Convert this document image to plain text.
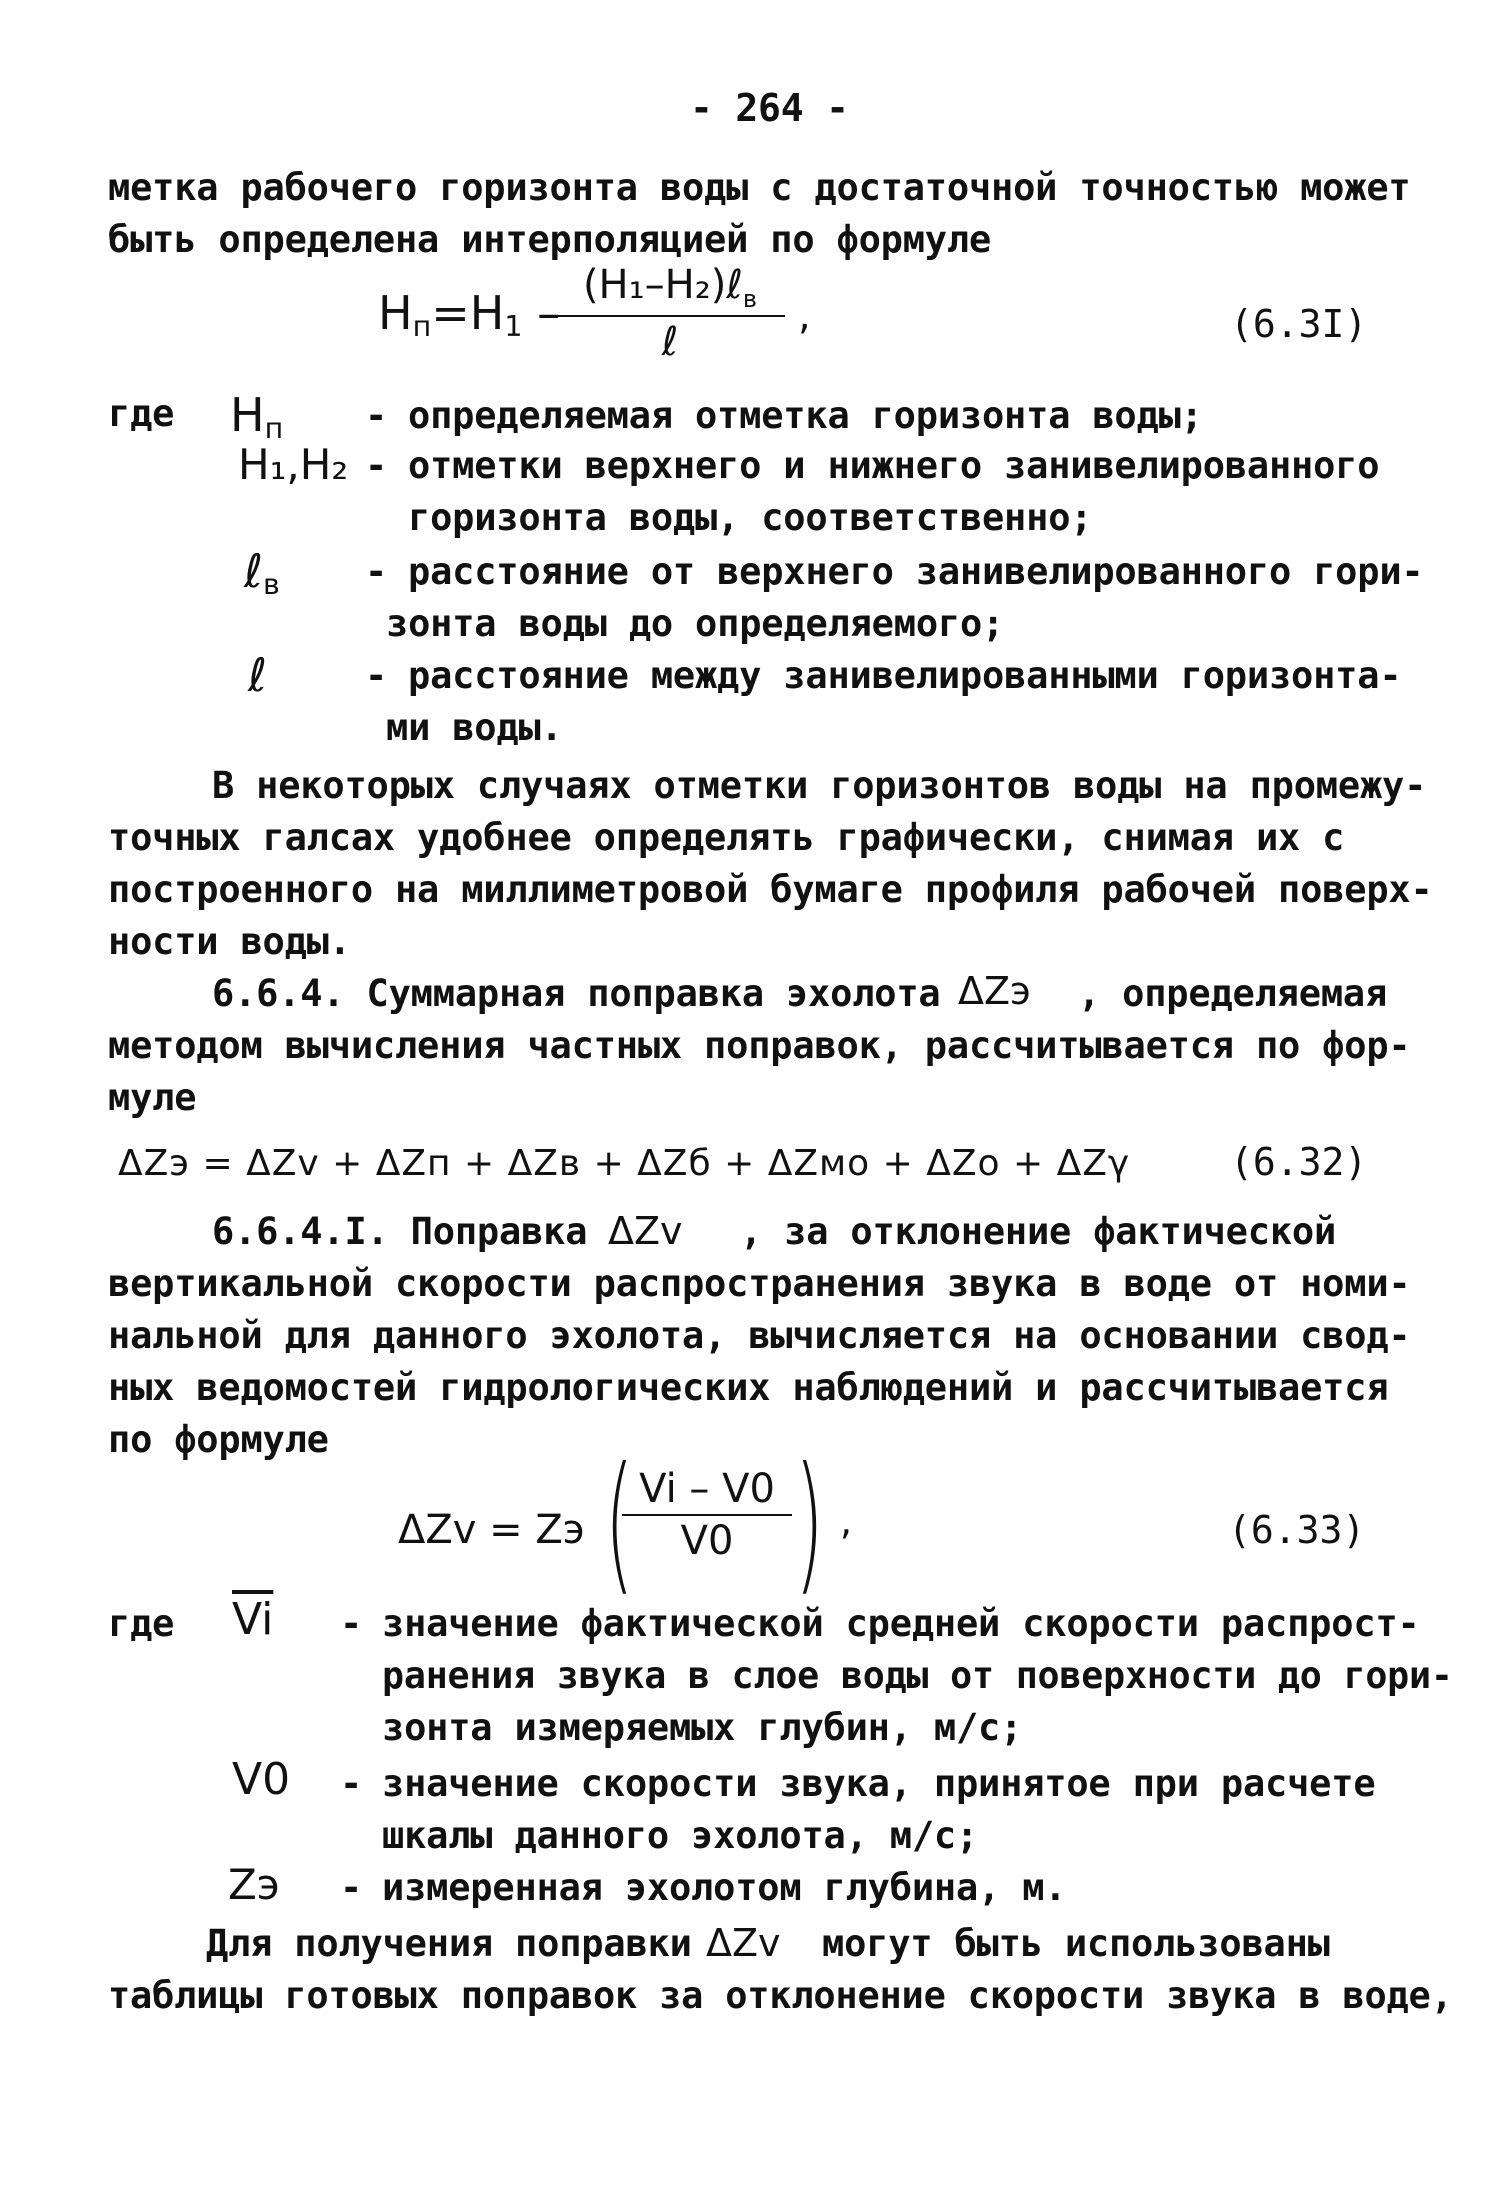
- 264 -
метка рабочего горизонта воды с достаточной точностью может
быть определена интерполяцией по формуле
$H_п=H_1$ –
(H₁–H₂)ℓ$_в$
ℓ
,	(6.3I)
где $H_п$ - определяемая отметка горизонта воды;
H₁,H₂ - отметки верхнего и нижнего занивелированного
горизонта воды, соответственно;
ℓ$_в$ - расстояние от верхнего занивелированного гори-
зонта воды до определяемого;
ℓ	- расстояние между занивелированными горизонта-
ми воды.
В некоторых случаях отметки горизонтов воды на промежу-
точных галсах удобнее определять графически, снимая их с
построенного на миллиметровой бумаге профиля рабочей поверх-
ности воды.
6.6.4. Суммарная поправка эхолота ΔZэ , определяемая
методом вычисления частных поправок, рассчитывается по фор-
муле
ΔZэ = ΔZv + ΔZп + ΔZв + ΔZб + ΔZмо + ΔZо + ΔZγ	(6.32)
6.6.4.I. Поправка ΔZv , за отклонение фактической
вертикальной скорости распространения звука в воде от номи-
нальной для данного эхолота, вычисляется на основании свод-
ных ведомостей гидрологических наблюдений и рассчитывается
по формуле
ΔZv = Zэ ( Vi – V0
V0 ) ,	(6.33)
где $\overline{Vi}$ - значение фактической средней скорости распрост-
ранения звука в слое воды от поверхности до гори-
зонта измеряемых глубин, м/с;
V0 - значение скорости звука, принятое при расчете
шкалы данного эхолота, м/с;
Zэ - измеренная эхолотом глубина, м.
Для получения поправки ΔZv могут быть использованы
таблицы готовых поправок за отклонение скорости звука в воде,
